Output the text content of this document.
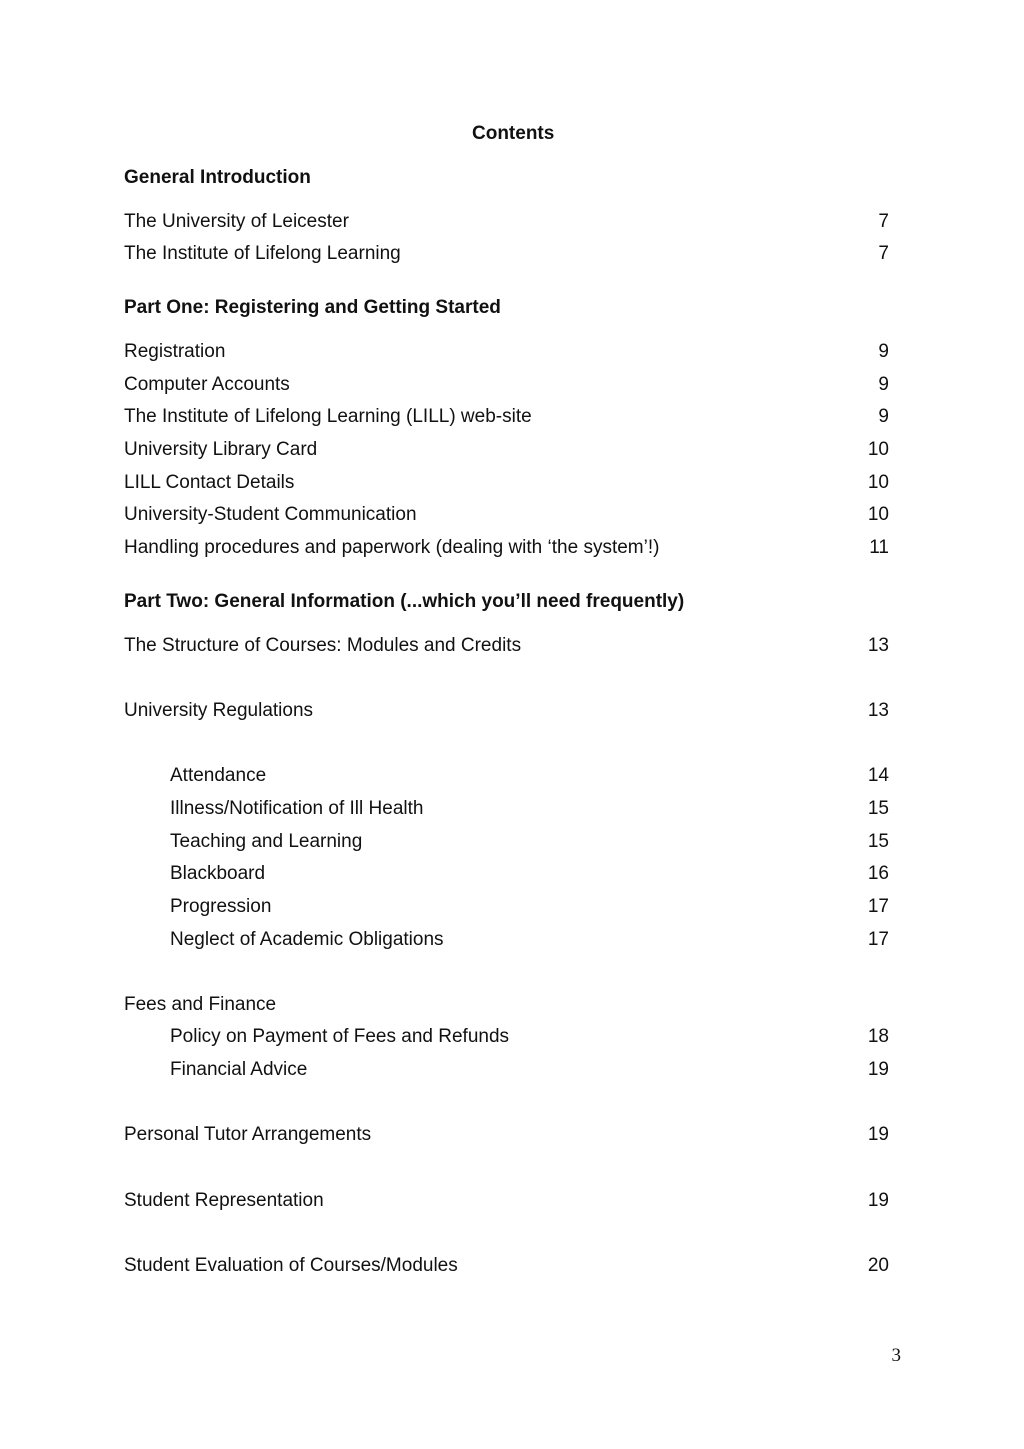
Contents
General Introduction
The University of Leicester	7
The Institute of Lifelong Learning	7
Part One: Registering and Getting Started
Registration	9
Computer Accounts	9
The Institute of Lifelong Learning (LILL) web-site	9
University Library Card	10
LILL Contact Details	10
University-Student Communication	10
Handling procedures and paperwork (dealing with ‘the system’!)	11
Part Two: General Information (...which you’ll need frequently)
The Structure of Courses: Modules and Credits	13
University Regulations	13
Attendance	14
Illness/Notification of Ill Health	15
Teaching and Learning	15
Blackboard	16
Progression	17
Neglect of Academic Obligations	17
Fees and Finance
Policy on Payment of Fees and Refunds	18
Financial Advice	19
Personal Tutor Arrangements	19
Student Representation	19
Student Evaluation of Courses/Modules	20
3
